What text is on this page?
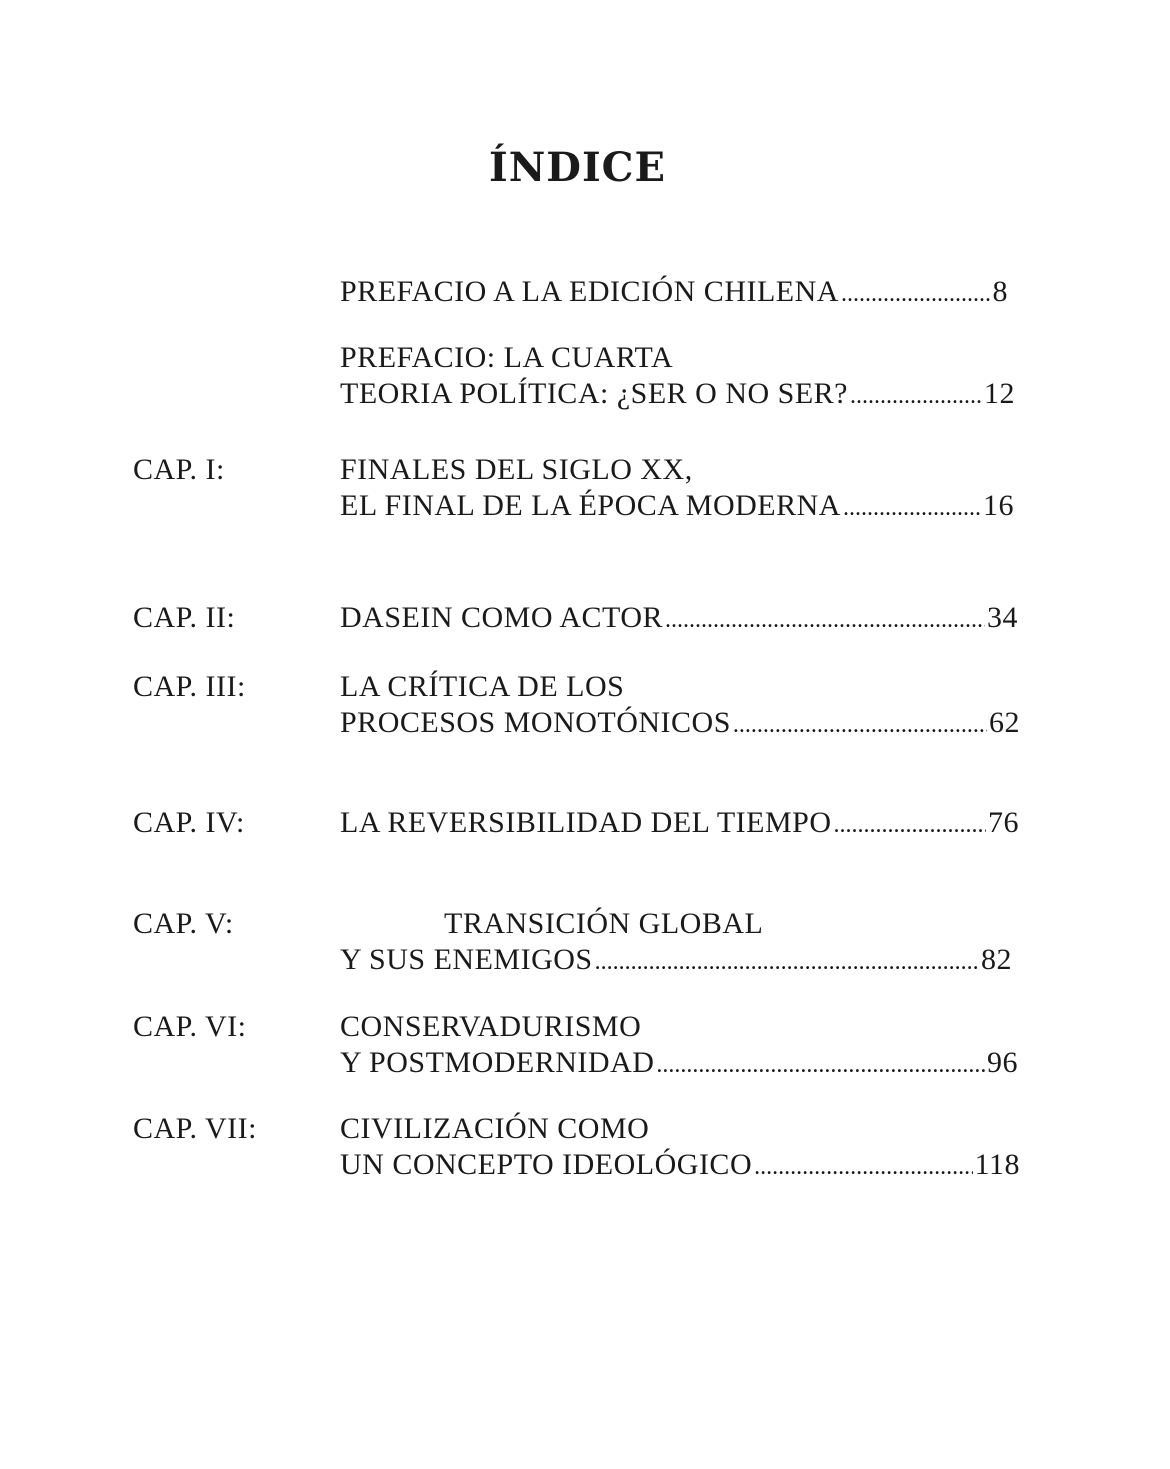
ÍNDICE
PREFACIO A LA EDICIÓN CHILENA .....	8
PREFACIO: LA CUARTA
TEORIA POLÍTICA: ¿SER O NO SER? .....	12
CAP. I:	FINALES DEL SIGLO XX,
EL FINAL DE LA ÉPOCA MODERNA .....	16
CAP. II:	DASEIN COMO ACTOR .....	34
CAP. III:	LA CRÍTICA DE LOS
PROCESOS MONOTÓNICOS .....	62
CAP. IV:	LA REVERSIBILIDAD DEL TIEMPO .....	76
CAP. V:	TRANSICIÓN GLOBAL
Y SUS ENEMIGOS .....	82
CAP. VI:	CONSERVADURISMO
Y POSTMODERNIDAD .....	96
CAP. VII:	CIVILIZACIÓN COMO
UN CONCEPTO IDEOLÓGICO .....	118
